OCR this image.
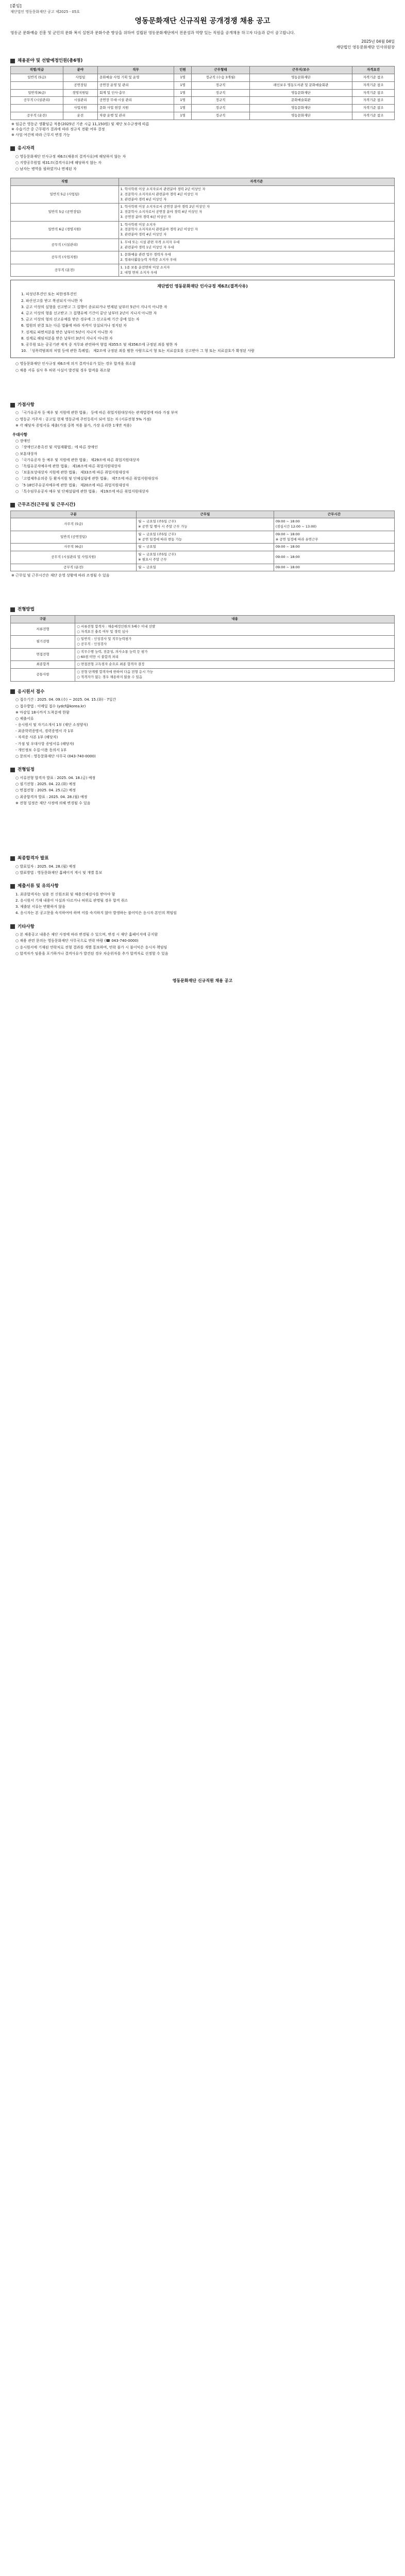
[붙임]
재단법인 영동문화재단 공고 제2025 - 05호
영동문화재단 신규직원 공개경쟁 채용 공고
영동군 문화예술 진흥 및 군민의 문화 복지 실현과 문화수준 향상을 위하여 설립된 영동문화재단에서 전문성과 역량 있는 직원을 공개채용 하고자 다음과 같이 공고합니다.
2025년 04월 04일
재단법인 영동문화재단 인사위원장
채용분야 및 선발예정인원(총6명)
직렬/직급	분야	직무	인원	근무형태	근무지/보수	자격요건
일반직 (5급)	사업팀	문화예술 사업 기획 및 운영	1명	정규직 (수습 3개월)	영동문화재단	자격기준 참조
	공연장팀	공연장 운영 및 관리	1명	정규직	레인보우 영동도서관 및 문화예술회관	자격기준 참조
일반직(6급)	경영지원팀	회계 및 인사·총무	1명	정규직	영동문화재단	자격기준 참조
공무직 (시설관리)	시설관리	공연장 무대·시설 관리	1명	정규직	문화예술회관	자격기준 참조
	사업지원	문화 사업 현장 지원	1명	정규직	영동문화재단	자격기준 참조
공무직 (운전)	운전	차량 운행 및 관리	1명	정규직	영동문화재단	자격기준 참조
※ 임금은 영동군 생활임금 적용(2025년 기준 시급 11,150원) 및 재단 보수규정에 따름
※ 수습기간 중 근무평가 결과에 따라 정규직 전환 여부 결정
※ 사업 여건에 따라 근무지 변경 가능
응시자격
○ 영동문화재단 인사규정 제6조(채용의 결격사유)에 해당하지 않는 자
○ 지방공무원법 제31조(결격사유)에 해당하지 않는 자
○ 남자는 병역을 필하였거나 면제된 자
직렬	자격기준
일반직 5급 (사업팀)	1. 학사학위 이상 소지자로서 관련분야 경력 2년 이상인 자
2. 전문학사 소지자로서 관련분야 경력 4년 이상인 자
3. 관련분야 경력 6년 이상인 자
일반직 5급 (공연장팀)	1. 학사학위 이상 소지자로서 공연장 분야 경력 2년 이상인 자
2. 전문학사 소지자로서 공연장 분야 경력 4년 이상인 자
3. 공연장 분야 경력 6년 이상인 자
일반직 6급 (경영지원)	1. 학사학위 이상 소지자
2. 전문학사 소지자로서 관련분야 경력 2년 이상인 자
3. 관련분야 경력 4년 이상인 자
공무직 (시설관리)	1. 무대 또는 시설 관련 자격 소지자 우대
2. 관련분야 경력 1년 이상인 자 우대
공무직 (사업지원)	1. 문화예술 관련 업무 경력자 우대
2. 컴퓨터활용능력 자격증 소지자 우대
공무직 (운전)	1. 1종 보통 운전면허 이상 소지자
2. 대형 면허 소지자 우대
재단법인 영동문화재단 인사규정 제6조(결격사유)
1. 피성년후견인 또는 피한정후견인
2. 파산선고를 받고 복권되지 아니한 자
3. 금고 이상의 실형을 선고받고 그 집행이 종료되거나 면제된 날부터 5년이 지나지 아니한 자
4. 금고 이상의 형을 선고받고 그 집행유예 기간이 끝난 날부터 2년이 지나지 아니한 자
5. 금고 이상의 형의 선고유예를 받은 경우에 그 선고유예 기간 중에 있는 자
6. 법원의 판결 또는 다른 법률에 따라 자격이 상실되거나 정지된 자
7. 징계로 파면처분을 받은 날부터 5년이 지나지 아니한 자
8. 징계로 해임처분을 받은 날부터 3년이 지나지 아니한 자
9. 공무원 또는 공공기관 재직 중 직무와 관련하여 형법 제355조 및 제356조에 규정된 죄를 범한 자
10. 「성폭력범죄의 처벌 등에 관한 특례법」 제2조에 규정된 죄를 범한 사람으로서 형 또는 치료감호를 선고받아 그 형 또는 치료감호가 확정된 사람
○ 영동문화재단 인사규정 제6조에 의거 결격사유가 있는 경우 합격을 취소함
○ 채용 서류 심사 후 허위 사실이 발견될 경우 합격을 취소함
가점사항
○ 「국가유공자 등 예우 및 지원에 관한 법률」 등에 따른 취업지원대상자는 관계법령에 따라 가점 부여
○ 영동군 거주자 : 공고일 현재 영동군에 주민등록이 되어 있는 자 (서류전형 5% 가점)
※ 각 해당자 증빙서류 제출(가점 중복 적용 불가, 가장 유리한 1개만 적용)
우대사항
○ 장애인
○ 「장애인고용촉진 및 직업재활법」에 따른 장애인
○ 보훈대상자
○ 「국가유공자 등 예우 및 지원에 관한 법률」 제29조에 따른 취업지원대상자
○ 「독립유공자예우에 관한 법률」 제16조에 따른 취업지원대상자
○ 「보훈보상대상자 지원에 관한 법률」 제33조에 따른 취업지원대상자
○ 「고엽제후유의증 등 환자지원 및 단체설립에 관한 법률」 제7조에 따른 취업지원대상자
○ 「5·18민주유공자예우에 관한 법률」 제20조에 따른 취업지원대상자
○ 「특수임무유공자 예우 및 단체설립에 관한 법률」 제19조에 따른 취업지원대상자
근무조건(근무일 및 근무시간)
구분	근무일	근무시간
사무직 (5급)	월 ~ 금요일 (주5일 근무)
※ 공연 및 행사 시 주말 근무 가능	09:00 ~ 18:00
(점심시간 12:00 ~ 13:00)
일반직 (공연장팀)	월 ~ 금요일 (주5일 근무)
※ 공연 일정에 따라 변동 가능	09:00 ~ 18:00
※ 공연 일정에 따라 유연근무
사무직 (6급)	월 ~ 금요일	09:00 ~ 18:00
공무직 (시설관리 및 사업지원)	월 ~ 금요일 (주5일 근무)
※ 필요시 주말 근무	09:00 ~ 18:00
공무직 (운전)	월 ~ 금요일	09:00 ~ 18:00
※ 근무일 및 근무시간은 재단 운영 상황에 따라 조정될 수 있음
전형방법
구분	내용
서류전형	○ 서류전형 합격자 : 채용예정인원의 5배수 이내 선발
○ 자격요건 충족 여부 및 경력 심사
필기전형	○ 일반직 : 인성검사 및 직무능력평가
○ 공무직 : 인성검사
면접전형	○ 직무수행 능력, 전문성, 의사소통 능력 등 평가
○ 60점 미만 시 불합격 처리
최종합격	○ 면접전형 고득점자 순으로 최종 합격자 결정
공통사항	○ 전형 단계별 합격자에 한하여 다음 전형 응시 가능
○ 적격자가 없는 경우 채용하지 않을 수 있음
응시원서 접수
○ 접수기간 : 2025. 04. 09.(수) ~ 2025. 04. 15.(화) · 7일간
○ 접수방법 : 이메일 접수 (ydcf@korea.kr)
※ 마감일 18시까지 도착분에 한함
○ 제출서류
- 응시원서 및 자기소개서 1부 (재단 소정양식)
- 최종학력증명서, 경력증명서 각 1부
- 자격증 사본 1부 (해당자)
- 가점 및 우대사항 증빙서류 (해당자)
- 개인정보 수집·이용 동의서 1부
○ 문의처 : 영동문화재단 사무국 (043-740-0000)
전형일정
○ 서류전형 합격자 발표 : 2025. 04. 18.(금) 예정
○ 필기전형 : 2025. 04. 22.(화) 예정
○ 면접전형 : 2025. 04. 25.(금) 예정
○ 최종합격자 발표 : 2025. 04. 28.(월) 예정
※ 전형 일정은 재단 사정에 의해 변경될 수 있음
최종합격자 발표
○ 발표일자 : 2025. 04. 28.(월) 예정
○ 발표방법 : 영동문화재단 홈페이지 게시 및 개별 통보
제출서류 및 유의사항
1. 최종합격자는 임용 전 신원조회 및 채용신체검사를 받아야 함
2. 응시원서 기재 내용이 사실과 다르거나 허위로 판명될 경우 합격 취소
3. 제출된 서류는 반환하지 않음
4. 응시자는 본 공고문을 숙지하여야 하며 이를 숙지하지 않아 발생하는 불이익은 응시자 본인의 책임임
기타사항
○ 본 채용공고 내용은 재단 사정에 따라 변경될 수 있으며, 변경 시 재단 홈페이지에 공지함
○ 채용 관련 문의는 영동문화재단 사무국으로 연락 바람 (☎ 043-740-0000)
○ 응시원서에 기재된 연락처로 전형 결과를 개별 통보하며, 연락 불가 시 불이익은 응시자 책임임
○ 합격자가 임용을 포기하거나 결격사유가 발견된 경우 차순위자를 추가 합격자로 선정할 수 있음
영동문화재단 신규직원 채용 공고
